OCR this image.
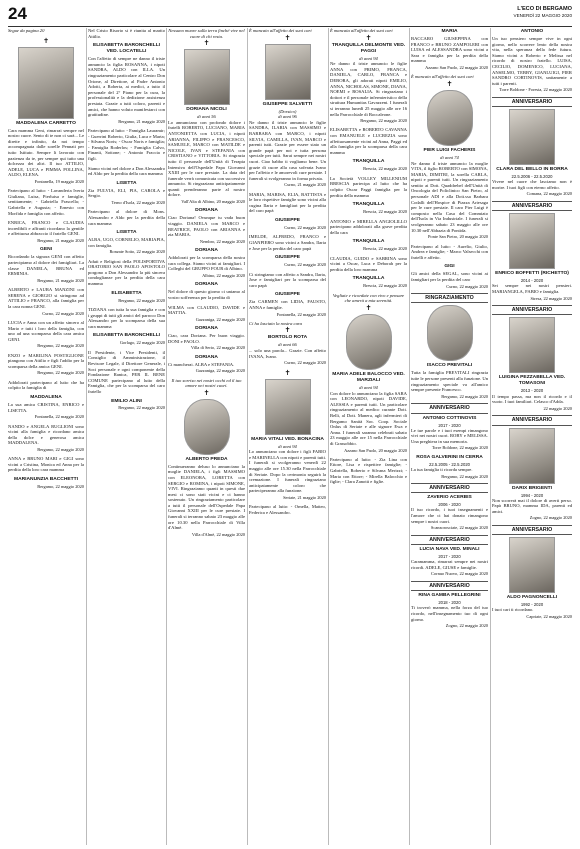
24	L'ECO DI BERGAMO
VENERDÌ 22 MAGGIO 2020
Segue da pagina 20
✝
MADDALENA CARRETTO
Cara mamma Geni, rimarrai sempre nel nostro cuore. Sento di te non ci sarà... Le dirette e infinito, da noi tempo accompagnata dalle sorelle Pennati per tutto Istituto. Sempre li lavorato con pazienza da te, per sempre qui tutto una dolcezza dei altri. Il tuo ATTILIO, ADELE, LUCA e PIMMA POLLINA, ALDO, ELENA.
Fontanella, 19 maggio 2020
Partecipano al lutto: - Lavanderia Iveria Giuliana, Luisa, Pierluisa e famiglie, sentitamente; - Gabriella Frascella; - Gabriella e Augusta; - Ernesto con Morfida e famiglia con affetto.
ENRICA, FRANCO e CLAUDIA incredibili e affranti ricordano la gentile e affettuosa abbraccio il fratello GENI.
Bergamo, 21 maggio 2020
GENI
Ricordando la signora GENI con affetto partecipiamo al dolore dei famigliari. La classe DANIELA, BRUNA ed ERMINIA.
Bergamo, 21 maggio 2020
ALBERTO e LAURA MANZINI con SERENA e GIORGIO si stringono ad ATTILIO e FRANCO, alla famiglia per la cara nonna GENI.
Curno, 22 maggio 2020
LUCIA e Anna con un affetto sincero al Mario e tutti i loro della famiglia, con uno ad una scomparsa della cara amica GENI.
Bergamo, 22 maggio 2020
ENZO e MARILINA POSTIGLIONE piangono con Attilio e figli l'addio per la scomparsa della amica GENI.
Bergamo, 22 maggio 2020
Addolorati partecipano al lutto che ha colpito la famiglia di
MADDALENA
La sua amica CRISTINA, ENRICO e LISETTA.
Fontanella, 22 maggio 2020
NANDO e ANGELA RUGLIONI sono vicini alla famiglia e ricordano amica della dolce e generosa amica MADDALENA.
Bergamo, 22 maggio 2020
ANNA e BRUNO MARI e GIGI sono vicini a Cristina, Monica ed Anna per la perdita della loro cara mamma
MARIANUNZIA BACCHETTI
Bergamo, 22 maggio 2020
Nel Cristo Risorto si è riunita al marito Attilio.
ELISABETTA BARONCHELLI VED. LOCATELLI
Con l'affetto di sempre ne danno il triste annuncio la figlia ROSANNA, i nipoti SANDRA, ALDO con ILLA. Un ringraziamento particolare al Centro Don Orione, al Direttore, al Padre Antonio Adotti, a Roberta, ai medici, a tutto il personale del 2° Piano per la cura, la professionalità e la dedizione assistenza prestata. Grazie a tutti coloro, parenti e amici, che hanno voluto manifestarci con gratitudine.
Bergamo, 21 maggio 2020
Partecipano al lutto: - Famiglia Lauramir; - Guerrini Roberto, Giulia, Luca e Marta; - Silvana Noris; - Oscar Noris e famiglia; - Famiglia Roderlos; - Famiglia Calvo, Finanti, Sottone; - Antonio Fraccia e figli.
Siamo vicini nel dolore a Don Alessandro ed Aldo per la perdita della cara mamma
LISETTA
Zia FULVIA, ELI, PIA, CAROLA e Sergio.
Terno d'Isola, 22 maggio 2020
Partecipano al dolore di Mons. Alessandro e Aldo per la perdita della cara mamma
LISETTA
ALBA, UGO, CORNELIO, MARIAPIA, con famiglia.
Ronzate Sotto, 22 maggio 2020
Aduti e Religiosi della POLISPORTIVA ORATORIO SAN PAOLO APOSTOLO porgono a Don Alessandro la più sincera condoglianze per la perdita della cara mamma
ELISABETTA
Bergamo, 22 maggio 2020
TIZIANA con tutta la sua famiglia e con i gruppi di tutti gli amici del parroco Don Alessandro per la scomparsa della sua cara mamma
ELISABETTA BARONCHELLI
Gorlago, 22 maggio 2020
Il Presidente, i Vice Presidenti, il Consiglio di Amministrazione, il Revisore Legale, il Direttore Generale, i Soci personale e ogni componente della Fondazione Ranica, PER IL BENE COMUNE partecipano al lutto della Famiglia, che per la scomparsa del caro fratello
EMILIO ALINI
Bergamo, 22 maggio 2020
Nessuno muore sulla terra finché vive nel cuore di chi resta.
✝
DORIANA NICOLI
di anni 56
Lo annunciano con profondo dolore i fratelli ROBERTO, LUCIANO, MARIA ANTONIETTA con LUCIA, i nipoti ARIANNA, FILIPPO e FRANCESCO, SAMUELE, MARCO con MATILDE e NICOLE, IVAN e STEFANIA con CRISTIANO e VITTORIA. Si ringrazia tutto il personale dell'Unità di Terapia Intensiva dell'Ospedale Papa Giovanni XXIII per le cure prestate. La data del funerale verrà comunicata con successivo annuncio. Si ringraziano anticipatamente quanti prenderanno parte al nostro dolore.
Vall'Alta di Albino, 20 maggio 2020
DORIANA
Ciao Doriana! Ovunque tu vada buon viaggio. DANIELA con MARCO e BEATRICE, PAOLO con ARIANNA e zia MARIA.
Nembro, 22 maggio 2020
DORIANA
Addolorati per la scomparsa della nostra cara collega. Siamo vicini ai famigliari. I Colleghi del GRUPPO FOUR di Albino.
Albino, 22 maggio 2020
DORIANA
Nel dolore di questo giorno ci uniamo al vostro sofferenza per la perdita di
WILMA con CLAUDIO, DAVIDE e MATTIA.
Gazzaniga, 22 maggio 2020
DORIANA
Ciao, cara Doriana. Per buon viaggio. DONI e PAOLO.
Villa di Serio, 22 maggio 2020
DORIANA
Ci mancherai. ALBA e STEFANIA.
Gazzaniga, 22 maggio 2020
Il tuo sorriso nei nostri occhi ed il tuo amore nei nostri cuori.
✝
ALBERTO PREDA
Continueranno deluso lo annunciano la moglie DANIELA, i figli MASSIMO con ELEONORA, LORETTA con SERGIO e ROMINA, i nipoti SIMONE, VIVI. Ringraziamo quanti in questi due mesi ci sono stati vicini e ci hanno sostenuto. Un ringraziamento particolare a tutti il personale dell'Ospedale Papa Giovanni XXIII per le cure prestate. I funerali si terranno sabato 23 maggio alle ore 10.30 nella Parrocchiale di Villa d'Almè.
Villa d'Almè, 22 maggio 2020
È mancato all'affetto dei suoi cari
✝
GIUSEPPE SALVETTI
(Dorsico)
di anni 96
Ne danno il triste annuncio le figlie SANDRA, ILARIA con MASSIMO e BARBARA con MARCO, i nipoti SILVIA, CAMILLA, IVAN, MARCO e parenti tutti. Grazie per essere stato un grande papà per noi e tutta persona speciale per tutti. Sarai sempre nei nostri cuori. Ciao babbo ti vogliamo bene. Un grazie di cuore alla casa soferata Ivano per l'affetto e le amorevoli cure prestate. I funerali si svolgeranno in forma privata.
Curno, 21 maggio 2020
MARIA, MARISA, ELIA, BATTISTA e le loro rispettive famiglie sono vicini alla cugina Ilaria e famigliari per la perdita del caro papà
GIUSEPPE
Curno, 22 maggio 2020
IMELDE, ALFREDO, FRANCO e GIANPIERO sono vicini a Sandra, Ilaria e Jose per la perdita del caro papà
GIUSEPPE
Curno, 22 maggio 2020
Ci stringiamo con affetto a Sandra, Ilaria, Jose e famigliari per la scomparsa del caro papà
GIUSEPPE
Zia CARMEN con LIDIA, FAUSTO, ANNA e famiglie.
Fontanella, 22 maggio 2020
Ci ha lasciato la nostra cara
✝
BORTOLO ROTA
di anni 66
... solo una parola... Grazie. Con affetto IVANA, Ivano.
Curno, 22 maggio 2020
✝
MARIA VITALI VED. BONACINA
di anni 94
Lo annunciano con dolore i figli FABIO e MARINELLA con nipoti e parenti tutti. I funerali si svolgeranno venerdì 22 maggio alle ore 15.30 nella Parrocchiale di Seriate. Dopo la cerimonia seguirà la cremazione. I funerali ringraziano anticipatamente coloro che parteciperanno alla funzione.
Seriate, 21 maggio 2020
Partecipano al lutto: - Ornella, Matteo, Federica e Alessandro.
È mancata all'affetto dei suoi cari
✝
TRANQUILLA DELMONTE VED. PAGGI
di anni 94
Ne danno il triste annuncio le figlie ANNA con PRIMO, FRANCA, DANIELA, CARLO, FRANCA e DEBORA, gli adorati nipoti EMILIO, ANNA, NICHOLAS, SIMONE, DIANA, NOEMI e ROSALIA. Si ringraziano i dottori e il personale infermieristico della struttura Humanitas Gavazzeni. I funerali si terranno lunedì 25 maggio alle ore 16 nella Parrocchiale di Boccaleone.
Bergamo, 22 maggio 2020
ELISABETTA e ROBERTO CAVANNA con EMANUELE e LUCREZIA sono affettuosamente vicini ad Anna, Paggi ed alla famiglia per la scomparsa della cara mamma
TRANQUILLA
Brescia, 22 maggio 2020
La Società VOLLEY MILLENIUM BRESCIA partecipa al lutto che ha colpito Oscar Paggi famiglia per la perdita della mamma
TRANQUILLA
Brescia, 22 maggio 2020
ANTONIO e MIRELLA ANGIOLILLO partecipano addolorati alla grave perdita della cara
TRANQUILLA
Brescia, 22 maggio 2020
CLAUDIA, GUIDO e SABRINA sono vicini a Oscar, Luca e Deborah per la perdita della loro mamma
TRANQUILLA
Brescia, 22 maggio 2020
Vegliate e ricordate con vivo e pensare che amerà a mia serenità.
✝
MARIA ADELE BALOCCO VED. MARZIALI
di anni 94
Con dolore lo annunciano la figlia SARA con LEONARDO, nipoti DAVIDE, ALESSIA e parenti tutti. Un particolare ringraziamento al medico curante Dott. Belli, al Dott. Manera, agli infermieri di Bergamo Sanità Soc. Coop. Sociale Onlus di Seriate e alle signore Ewa e Anna. I funerali saranno celebrati sabato 23 maggio alle ore 15 nella Parrocchiale di Grassobbio.
Azzano San Paolo, 20 maggio 2020
Partecipano al lutto: - Zia Lina con Ettore, Lisa e rispettive famiglie; - Gabriella, Roberto e Silvana Merizzi; - Maria con Ettore; - Mirella Balocchio e figlie; - Clara Zanotti e figlie.
MARIA
BACCARO GIUSEPPINA con FRANCO e BRUNO ZAMPOLERI con LUISA ed ALESSANDRA sono vicini a Sara e famiglia per la perdita della mamma
Azzano San Paolo, 22 maggio 2020
È mancato all'affetto dei suoi cari
✝
PIER LUIGI FACHERIS
di anni 74
Ne danno il triste annuncio la moglie VITA, il figlio ROBERTO con SIMONA, MARIA, DIMITRI, la sorella CARLA, nipoti e parenti tutti. Un ringraziamento sentito ai Dott. Quaddrebel dell'Unità di Oncologia del Policlinico San Pietro, al personale ADI e alla Dott.ssa Barbara Codalli dell'Hospice di Piazza Ariesaga per le cure prestate. Il caro Pier Luigi è composto nella Casa del Commiato dell'Isola in Via Industriale. I funerali si svolgeranno sabato 23 maggio alle ore 10.30 nell'Abbazia di Pontida.
Ponte San Pietro, 20 maggio 2020
Partecipano al lutto: - Aurelio, Giulio, Andrea e famiglie; - Marco Valsecchi con fratelli e affetto.
GIGI
Gli amici della SEGAL, sono vicini ai famigliari per la perdita del caro
Curno, 22 maggio 2020
RINGRAZIAMENTO
ISACCO PREVITALI
Tutta la famiglia PREVITALI ringrazia tutte le persone presenti alla funzione. Un ringraziamento speciale va all'amico sempre presente Francesco.
Bergamo, 22 maggio 2020
ANNIVERSARIO
ANTONIO COTTINOVIS
2017 - 2020
Le tue parole e i tuoi esempi rimangono vivi nei nostri cuori. ROBY e MELISSA. Una preghiera in sua memoria.
Torre Boldone, 22 maggio 2020
ROSA GALVERINI IN CERRA
22.5.2005 - 22.5.2020
La tua famiglia ti ricorda sempre.
Bergamo, 22 maggio 2020
ANNIVERSARIO
ZAVERIO ACERBIS
2006 - 2020
Il tuo ricordo, i tuoi insegnamenti e l'amore che ci hai donato rimangono sempre i nostri cuori.
Scanzorosciate, 22 maggio 2020
ANNIVERSARIO
LUCIA NAVA VED. MINALI
2017 - 2020
Caramamma, rimarrai sempre nei nostri ricordi. ADELE, GIUSE e famiglie.
Cornuo Nuovo, 22 maggio 2020
ANNIVERSARIO
RINA GAMBA PELLEGRINI
2018 - 2020
Ti troverò mamma, nella forza del tuo ricordo, nell'insegnamento tuo di ogni giorno.
Zogno, 22 maggio 2020
ANTONIO
Un tuo pensiero sempre vive in ogni giorno, nello scorrere lento della nostra vita, nella speranza della fede futura. Siamo vicini a Roberto e Melissa nel ricordo di nostro fratello. LUISA, CECILIO, DOMENICO, LUCIANA, ANSELMO, TEBBY, GIANLUIGI, PIER SANDRO CORTINOVIS, unitamente a tutti i parenti.
Torre Boldone - Foresta, 22 maggio 2020
ANNIVERSARIO
CLARA DEL BELLO IN BORRA
22.5.2006 - 22.5.2020
Vivere nel cuore che lasciamo non è morire. I tuoi figli con eterno affetto.
Comana, 22 maggio 2020
ANNIVERSARIO
ENRICO BOFFETTI (RICHETTO)
2014 - 2020
Sei sempre nei nostri pensieri. MARIANGELA, FABIO e famiglia.
Stresa, 22 maggio 2020
ANNIVERSARIO
LUIGINA PEZZABELLA VED. TOMASONI
2013 - 2020
Il tempo passa, ma non il ricordo e il vuoto. I tuoi familiari. Celasco d'Adda.
22 maggio 2020
ANNIVERSARIO
DARIX BRIGENTI
1994 - 2020
Non scorrerà mai il dolore di averti perso. Papà BRUNO, mamma IDA, parenti ed amici.
Zogno, 22 maggio 2020
ANNIVERSARIO
ALDO PAGNONCELLI
1992 - 2020
I tuoi cari ti ricordano.
Capriate, 22 maggio 2020
